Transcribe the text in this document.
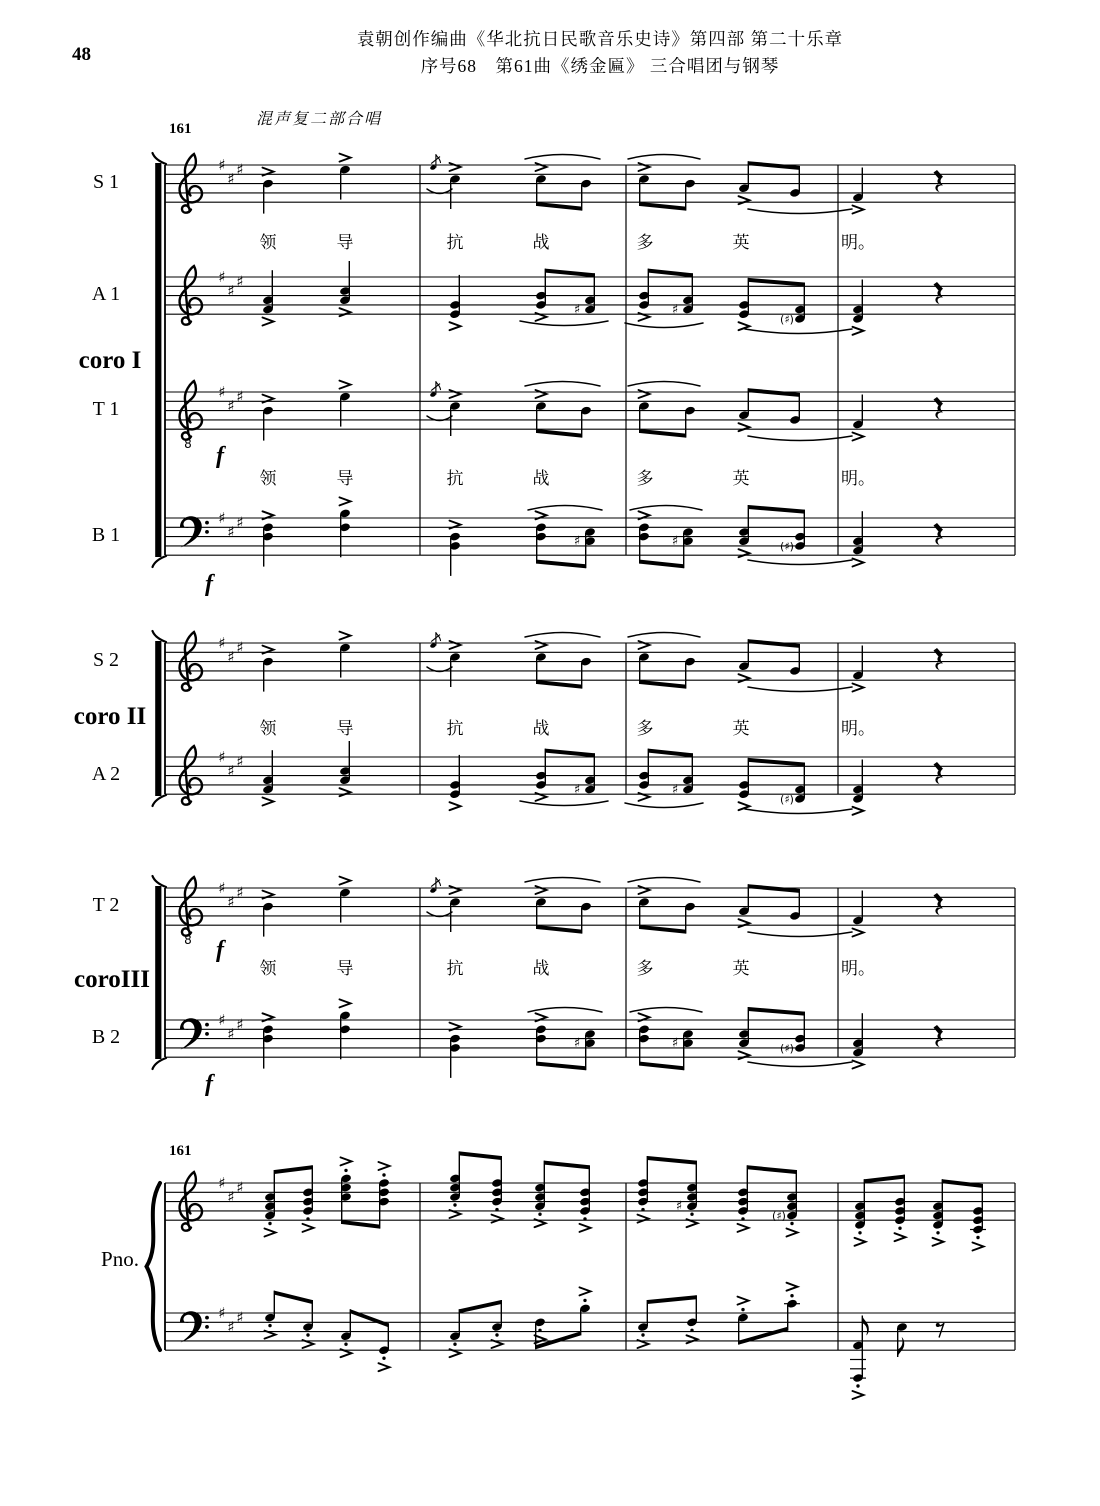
48
袁朝创作编曲《华北抗日民歌音乐史诗》第四部 第二十乐章
序号68　第61曲《绣金匾》 三合唱团与钢琴
混声复二部合唱
161
161
♯
♯
♯
♯
♯
♯
♯	♯
(♯)
8
♯
♯
♯
♯
♯
♯
♯	♯	(♯)
♯
♯
♯
♯
♯
♯
♯	♯
(♯)
8
♯
♯
♯
♯
♯
♯
♯	♯	(♯)
♯
♯
♯
♯
(♯)
♯
♯
♯
S 1
A 1
T 1
B 1
S 2
A 2
T 2
B 2
coro I
coro II
coroIII
领	导	抗	战	多	英	明。
领	导	抗	战	多	英	明。
领	导	抗	战	多	英	明。
领	导	抗	战	多	英	明。
f
f
f
f
Pno.
